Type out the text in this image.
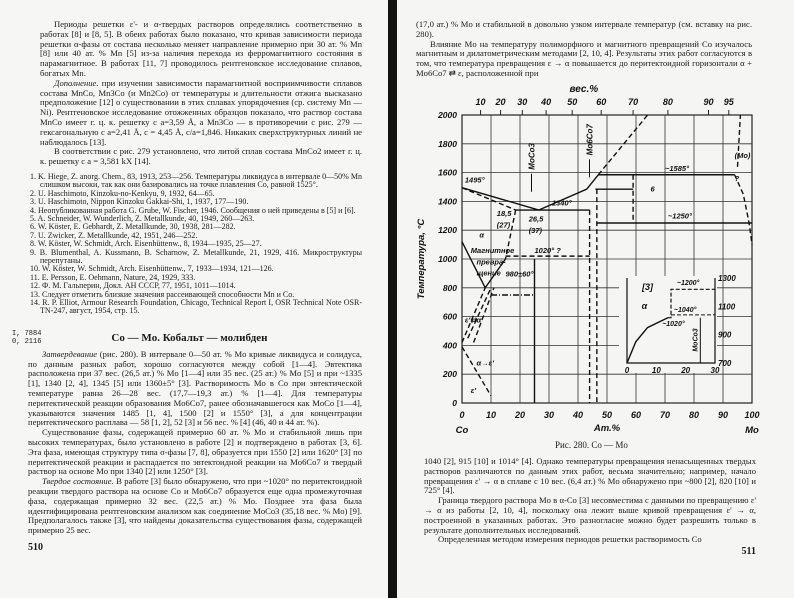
Периоды решетки ε'- и α-твердых растворов определялись соответственно в работах [8] и [8, 5]. В обеих работах было показано, что кривая зависимости периода решетки α-фазы от состава несколько меняет направление примерно при 30 ат. % Mn [8] или 40 ат. % Mn [5] из-за наличия перехода из ферромагнитного состояния в парамагнитное. В работах [11, 7] проводилось рентгеновское исследование сплавов, богатых Mn.

Дополнение. при изучении зависимости парамагнитной восприимчивости сплавов состава MnCo, Mn3Co (и Mn2Co) от температуры и длительности отжига высказано предположение [12] о существовании в этих сплавах упорядочения (ср. систему Mn — Ni). Рентгеновское исследование отожженных образцов показало, что раствор состава MnCo имеет г. ц. к. решетку с a=3,59 Å, а Mn3Co — в противоречии с рис. 279 — гексагональную с a=2,41 Å, c = 4,45 Å, c/a=1,846. Никаких сверхструктурных линий не наблюдалось [13].

В соответствии с рис. 279 установлено, что литой сплав состава MnCo2 имеет г. ц. к. решетку с a = 3,581 kX [14].

1. K. Hiege, Z. anorg. Chem., 83, 1913, 253—256. Температуры ликвидуса в интервале 0—50% Mn слишком высоки, так как они базировались на точке плавления Co, равной 1525°.
2. U. Haschimoto, Kinzoku-no-Kenkyu, 9, 1932, 64—65.
3. U. Haschimoto, Nippon Kinzoku Gakkai-Shi, 1, 1937, 177—190.
4. Неопубликованная работа G. Grube, W. Fischer, 1946. Сообщения о ней приведены в [5] и [6].
5. A. Schneider, W. Wunderlich, Z. Metallkunde, 40, 1949, 260—263.
6. W. Köster, E. Gebhardt, Z. Metallkunde, 30, 1938, 281—282.
7. U. Zwicker, Z. Metallkunde, 42, 1951, 246—252.
8. W. Köster, W. Schmidt, Arch. Eisenhüttenw., 8, 1934—1935, 25—27.
9. B. Blumenthal, A. Kussmann, B. Scharnow, Z. Metallkunde, 21, 1929, 416. Микроструктуры перепутаны.
10. W. Köster, W. Schmidt, Arch. Eisenhüttenw., 7, 1933—1934, 121—126.
11. E. Persson, E. Oehmann, Nature, 24, 1929, 333.
12. Ф. М. Гальперин, Докл. АН СССР, 77, 1951, 1011—1014.
13. Следует отметить близкие значения рассеивающей способности Mn и Co.
14. R. P. Elliot, Armour Research Foundation, Chicago, Technical Report I, OSR Technical Note OSR-TN-247, август, 1954, стр. 15.
I, 7884
0, 2116	Co — Mo. Кобальт — молибден

Затвердевание (рис. 280). В интервале 0—50 ат. % Mo кривые ликвидуса и солидуса, по данным разных работ, хорошо согласуются между собой [1—4]. Эвтектика расположена при 37 вес. (26,5 ат.) % Mo [1—4] или 35 вес. (25 ат.) % Mo [5] и при ~1335 [1], 1340 [2, 4], 1345 [5] или 1360±5° [3]. Растворимость Mo в Co при эвтектической температуре равна 26—28 вес. (17,7—19,3 ат.) % [1—4]. Для температуры перитектической реакции образования Mo6Co7, ранее обозначавшегося как MoCo [1—4], указываются значения 1485 [1, 4], 1500 [2] и 1550° [3], а для концентрации перитектического расплава — 58 [1, 2], 52 [3] и 56 вес. % [4] (46, 40 и 44 ат. %).

Существование фазы, содержащей примерно 60 ат. % Mo и стабильной лишь при высоких температурах, было установлено в работе [2] и подтверждено в работах [3, 6]. Эта фаза, имеющая структуру типа σ-фазы [7, 8], образуется при 1550 [2] или 1620° [3] по перитектической реакции и распадается по эвтектоидной реакции на Mo6Co7 и твердый раствор на основе Mo при 1340 [2] или 1250° [3].

Твердое состояние. В работе [3] было обнаружено, что при ~1020° по перитектоидной реакции твердого раствора на основе Co и Mo6Co7 образуется еще одна промежуточная фаза, содержащая примерно 32 вес. (22,5 ат.) % Mo. Позднее эта фаза была идентифицирована рентгеновским анализом как соединение MoCo3 (35,18 вес. % Mo) [9]. Предполагалось также [3], что найдены доказательства существования фазы, содержащей примерно 25 вес.

510

(17,0 ат.) % Mo и стабильной в довольно узком интервале температур (см. вставку на рис. 280).

Влияние Mo на температуру полиморфного и магнитного превращений Co изучалось магнитным и дилатометрическим методами [2, 10, 4]. Результаты этих работ согласуются в том, что температура превращения ε → α повышается до перитектоидной горизонтали α + Mo6Co7 ⇄ ε, расположенной при

Рис. 280. Co — Mo

1040 [2], 915 [10] и 1014° [4]. Однако температуры превращения ненасыщенных твердых растворов различаются по данным этих работ, весьма значительно; например, начало превращения ε' → α в сплаве с 10 вес. (6,4 ат.) % Mo обнаружено при ~800 [2], 820 [10] и 725° [4].

Граница твердого раствора Mo в α-Co [3] несовместима с данными по превращению ε' → α из работы [2, 10, 4], поскольку она лежит выше кривой превращения ε' → α, построенной в указанных работах. Это разногласие можно будет разрешить только в результате дополнительных исследований.

Определенная методом измерения периодов решетки растворимость Co

511
0 10 20 30 40 50 60 70 80 90 100
0
200
400
600
800
1000
1200
1400
1600
1800
2000
10 20 30 40 50 60 70	80	90 95
вес.%
Ат.%
Co	Mo
Температура, °C
1495°
18,5
(27)
26,5
(37)
1340°
~1585°
6
~1250°
(Mo)
?
α
Магнитное
превра-
щение
1020° ?
980±60°
α→ε'
ε'
ε'⇄α
MoCo3
Mo6Co7
0	10	20	30
700
900
1100
1300
[3]
α
~1200°
~1040°
~1020°
MoCo3
